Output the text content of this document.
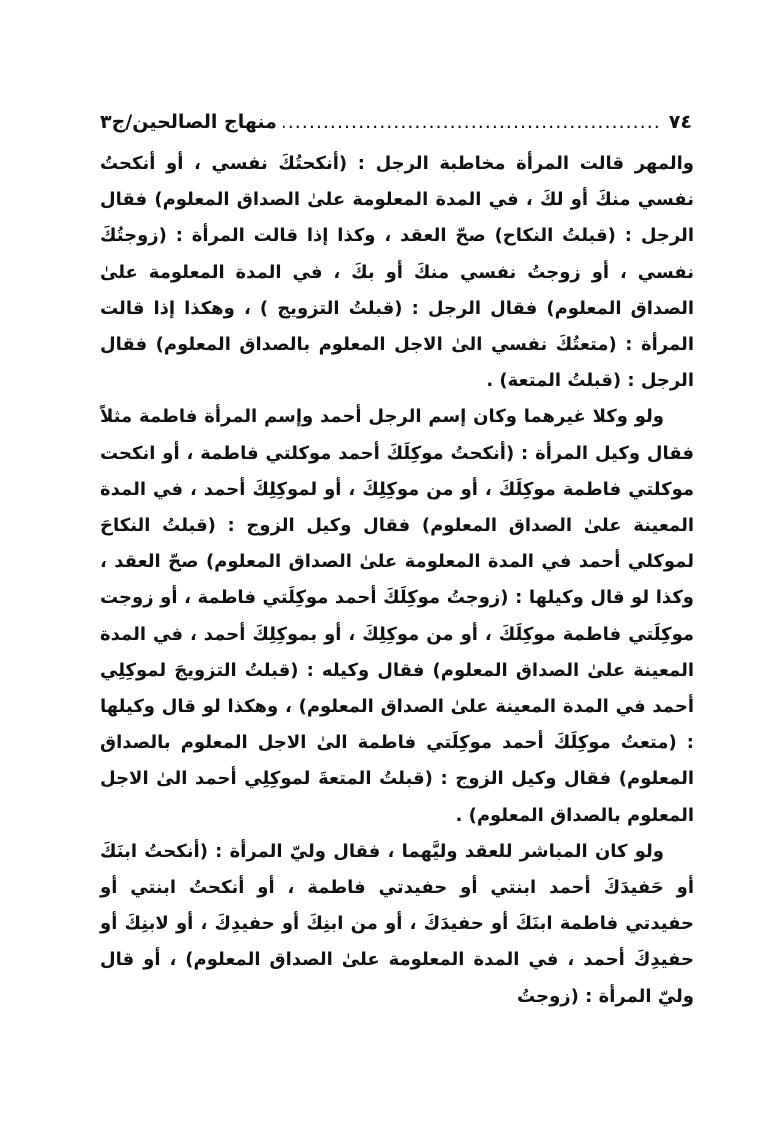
٧٤
.....
منهاج الصالحين/ج٣

والمهر قالت المرأة مخاطبة الرجل : (أنكحتُكَ نفسي ، أو أنكحتُ نفسي منكَ أو لكَ ، في المدة المعلومة علىٰ الصداق المعلوم) فقال الرجل : (قبلتُ النكاح) صحّ العقد ، وكذا إذا قالت المرأة : (زوجتُكَ نفسي ، أو زوجتُ نفسي منكَ أو بكَ ، في المدة المعلومة علىٰ الصداق المعلوم) فقال الرجل : (قبلتُ التزويج ) ، وهكذا إذا قالت المرأة : (متعتُكَ نفسي الىٰ الاجل المعلوم بالصداق المعلوم) فقال الرجل : (قبلتُ المتعة) .

ولو وكلا غيرهما وكان إسم الرجل أحمد وإسم المرأة فاطمة مثلاً فقال وكيل المرأة : (أنكحتُ موكِلَكَ أحمد موكلتي فاطمة ، أو انكحت موكلتي فاطمة موكِلَكَ ، أو من موكِلِكَ ، أو لموكِلِكَ أحمد ، في المدة المعينة علىٰ الصداق المعلوم) فقال وكيل الزوج : (قبلتُ النكاحَ لموكلي أحمد في المدة المعلومة علىٰ الصداق المعلوم) صحّ العقد ، وكذا لو قال وكيلها : (زوجتُ موكِلَكَ أحمد موكِلَتي فاطمة ، أو زوجت موكِلَتي فاطمة موكِلَكَ ، أو من موكِلِكَ ، أو بموكِلِكَ أحمد ، في المدة المعينة علىٰ الصداق المعلوم) فقال وكيله : (قبلتُ التزويجَ لموكِلِي أحمد في المدة المعينة علىٰ الصداق المعلوم) ، وهكذا لو قال وكيلها : (متعتُ موكِلَكَ أحمد موكِلَتي فاطمة الىٰ الاجل المعلوم بالصداق المعلوم) فقال وكيل الزوج : (قبلتُ المتعةَ لموكِلِي أحمد الىٰ الاجل المعلوم بالصداق المعلوم) .

ولو كان المباشر للعقد وليَّهما ، فقال وليّ المرأة : (أنكحتُ ابنَكَ أو حَفيدَكَ أحمد ابنتي أو حفيدتي فاطمة ، أو أنكحتُ ابنتي أو حفيدتي فاطمة ابنَكَ أو حفيدَكَ ، أو من ابنِكَ أو حفيدِكَ ، أو لابنِكَ أو حفيدِكَ أحمد ، في المدة المعلومة علىٰ الصداق المعلوم) ، أو قال وليّ المرأة : (زوجتُ
